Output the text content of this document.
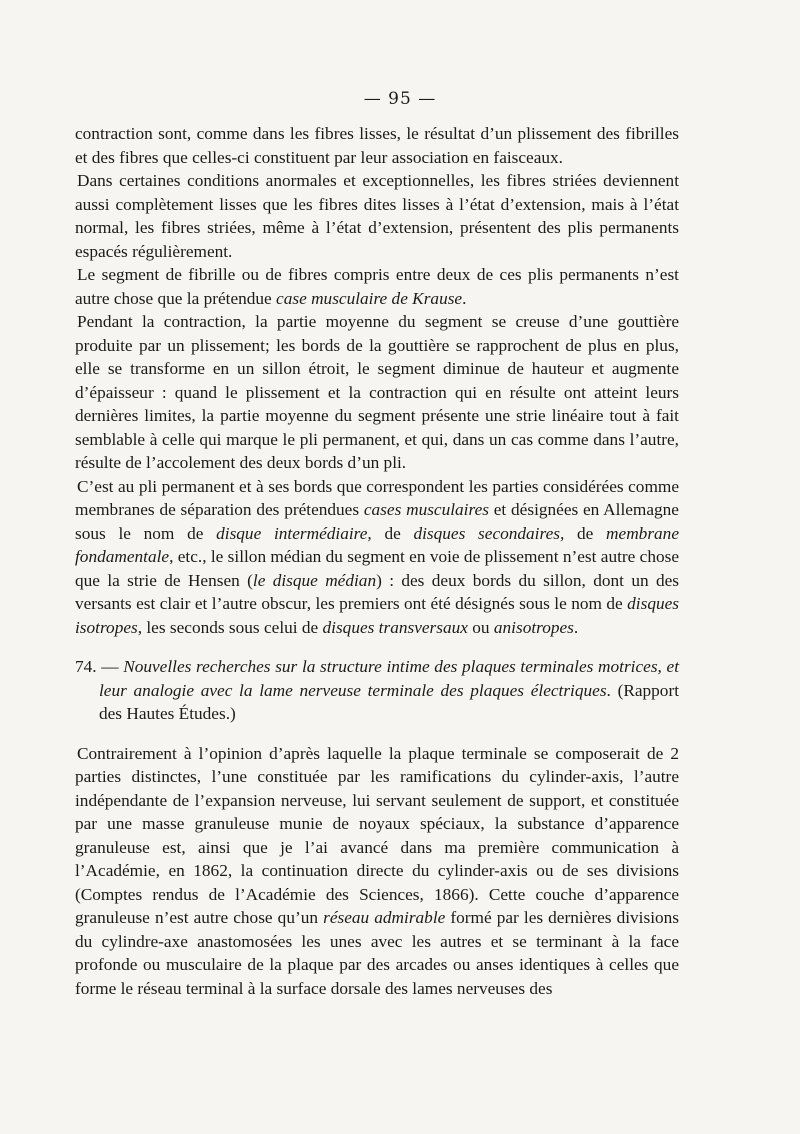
— 95 —

contraction sont, comme dans les fibres lisses, le résultat d’un plissement des fibrilles et des fibres que celles-ci constituent par leur association en faisceaux.

Dans certaines conditions anormales et exceptionnelles, les fibres striées deviennent aussi complètement lisses que les fibres dites lisses à l’état d’extension, mais à l’état normal, les fibres striées, même à l’état d’extension, présentent des plis permanents espacés régulièrement.

Le segment de fibrille ou de fibres compris entre deux de ces plis permanents n’est autre chose que la prétendue case musculaire de Krause.

Pendant la contraction, la partie moyenne du segment se creuse d’une gouttière produite par un plissement; les bords de la gouttière se rapprochent de plus en plus, elle se transforme en un sillon étroit, le segment diminue de hauteur et augmente d’épaisseur : quand le plissement et la contraction qui en résulte ont atteint leurs dernières limites, la partie moyenne du segment présente une strie linéaire tout à fait semblable à celle qui marque le pli permanent, et qui, dans un cas comme dans l’autre, résulte de l’accolement des deux bords d’un pli.

C’est au pli permanent et à ses bords que correspondent les parties considérées comme membranes de séparation des prétendues cases musculaires et désignées en Allemagne sous le nom de disque intermédiaire, de disques secondaires, de membrane fondamentale, etc., le sillon médian du segment en voie de plissement n’est autre chose que la strie de Hensen (le disque médian) : des deux bords du sillon, dont un des versants est clair et l’autre obscur, les premiers ont été désignés sous le nom de disques isotropes, les seconds sous celui de disques transversaux ou anisotropes.

74. — Nouvelles recherches sur la structure intime des plaques terminales motrices, et leur analogie avec la lame nerveuse terminale des plaques électriques. (Rapport des Hautes Études.)

Contrairement à l’opinion d’après laquelle la plaque terminale se composerait de 2 parties distinctes, l’une constituée par les ramifications du cylinder-axis, l’autre indépendante de l’expansion nerveuse, lui servant seulement de support, et constituée par une masse granuleuse munie de noyaux spéciaux, la substance d’apparence granuleuse est, ainsi que je l’ai avancé dans ma première communication à l’Académie, en 1862, la continuation directe du cylinder-axis ou de ses divisions (Comptes rendus de l’Académie des Sciences, 1866). Cette couche d’apparence granuleuse n’est autre chose qu’un réseau admirable formé par les dernières divisions du cylindre-axe anastomosées les unes avec les autres et se terminant à la face profonde ou musculaire de la plaque par des arcades ou anses identiques à celles que forme le réseau terminal à la surface dorsale des lames nerveuses des
